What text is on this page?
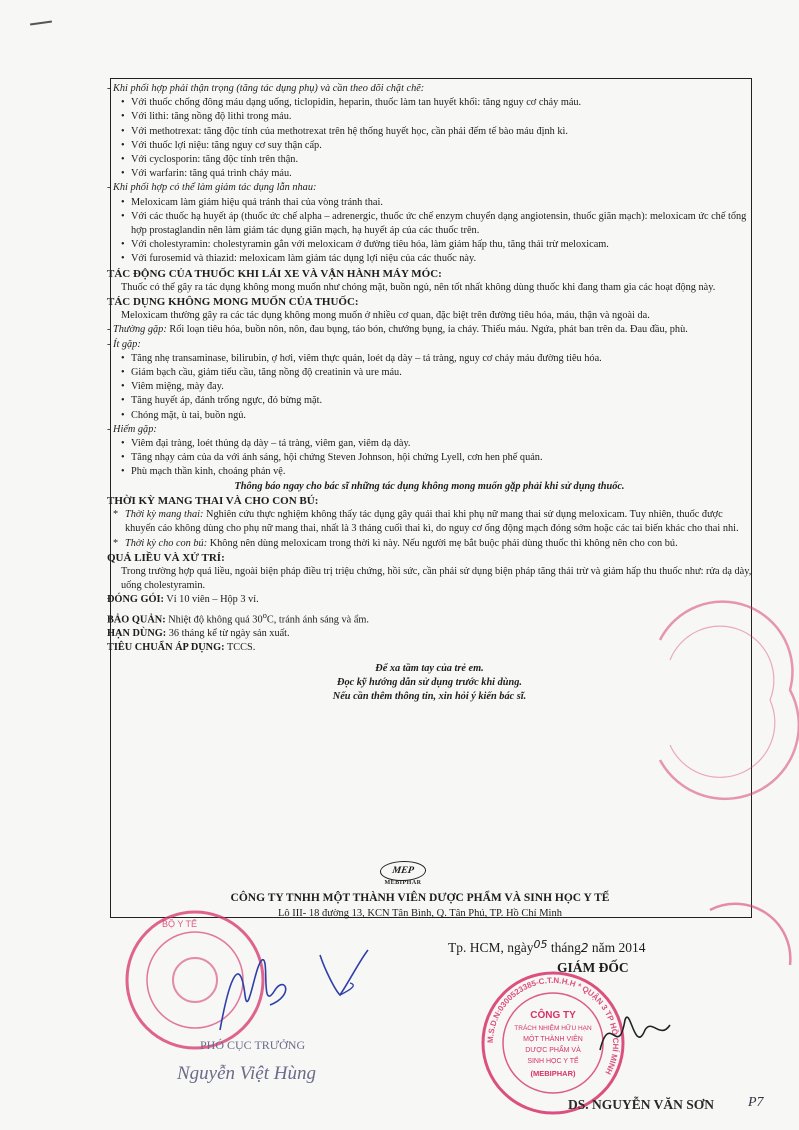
- Khi phối hợp phải thận trọng (tăng tác dụng phụ) và cần theo dõi chặt chẽ:

• Với thuốc chống đông máu dạng uống, ticlopidin, heparin, thuốc làm tan huyết khối: tăng nguy cơ chảy máu.

• Với lithi: tăng nồng độ lithi trong máu.

• Với methotrexat: tăng độc tính của methotrexat trên hệ thống huyết học, cần phải đếm tế bào máu định kì.

• Với thuốc lợi niệu: tăng nguy cơ suy thận cấp.

• Với cyclosporin: tăng độc tính trên thận.

• Với warfarin: tăng quá trình chảy máu.

- Khi phối hợp có thể làm giảm tác dụng lẫn nhau:

• Meloxicam làm giảm hiệu quả tránh thai của vòng tránh thai.

• Với các thuốc hạ huyết áp (thuốc ức chế alpha – adrenergic, thuốc ức chế enzym chuyển dạng angiotensin, thuốc giãn mạch): meloxicam ức chế tổng hợp prostaglandin nên làm giảm tác dụng giãn mạch, hạ huyết áp của các thuốc trên.

• Với cholestyramin: cholestyramin gắn với meloxicam ở đường tiêu hóa, làm giảm hấp thu, tăng thải trừ meloxicam.

• Với furosemid và thiazid: meloxicam làm giảm tác dụng lợi niệu của các thuốc này.

TÁC ĐỘNG CỦA THUỐC KHI LÁI XE VÀ VẬN HÀNH MÁY MÓC:

Thuốc có thể gây ra tác dụng không mong muốn như chóng mặt, buồn ngủ, nên tốt nhất không dùng thuốc khi đang tham gia các hoạt động này.

TÁC DỤNG KHÔNG MONG MUỐN CỦA THUỐC:

Meloxicam thường gây ra các tác dụng không mong muốn ở nhiều cơ quan, đặc biệt trên đường tiêu hóa, máu, thận và ngoài da.

- Thường gặp: Rối loạn tiêu hóa, buồn nôn, nôn, đau bụng, táo bón, chướng bụng, ỉa chảy. Thiếu máu. Ngứa, phát ban trên da. Đau đầu, phù.

- Ít gặp:

• Tăng nhẹ transaminase, bilirubin, ợ hơi, viêm thực quản, loét dạ dày – tá tràng, nguy cơ chảy máu đường tiêu hóa.

• Giảm bạch cầu, giảm tiểu cầu, tăng nồng độ creatinin và ure máu.

• Viêm miệng, mày đay.

• Tăng huyết áp, đánh trống ngực, đỏ bừng mặt.

• Chóng mặt, ù tai, buồn ngủ.

- Hiếm gặp:

• Viêm đại tràng, loét thủng dạ dày – tá tràng, viêm gan, viêm dạ dày.

• Tăng nhạy cảm của da với ánh sáng, hội chứng Steven Johnson, hội chứng Lyell, cơn hen phế quản.

• Phù mạch thần kinh, choáng phản vệ.

Thông báo ngay cho bác sĩ những tác dụng không mong muốn gặp phải khi sử dụng thuốc.

THỜI KỲ MANG THAI VÀ CHO CON BÚ:

* Thời kỳ mang thai: Nghiên cứu thực nghiệm không thấy tác dụng gây quái thai khi phụ nữ mang thai sử dụng meloxicam. Tuy nhiên, thuốc được khuyến cáo không dùng cho phụ nữ mang thai, nhất là 3 tháng cuối thai kì, do nguy cơ ống động mạch đóng sớm hoặc các tai biến khác cho thai nhi.

* Thời kỳ cho con bú: Không nên dùng meloxicam trong thời kì này. Nếu người mẹ bắt buộc phải dùng thuốc thì không nên cho con bú.

QUÁ LIỀU VÀ XỬ TRÍ:

Trong trường hợp quá liều, ngoài biện pháp điều trị triệu chứng, hồi sức, cần phải sử dụng biện pháp tăng thải trừ và giảm hấp thu thuốc như: rửa dạ dày, uống cholestyramin.

ĐÓNG GÓI: Vỉ 10 viên – Hộp 3 vỉ.

BẢO QUẢN: Nhiệt độ không quá 30$^o$C, tránh ánh sáng và ẩm.

HẠN DÙNG: 36 tháng kể từ ngày sản xuất.

TIÊU CHUẨN ÁP DỤNG: TCCS.

Để xa tầm tay của trẻ em.

Đọc kỹ hướng dẫn sử dụng trước khi dùng.

Nếu cần thêm thông tin, xin hỏi ý kiến bác sĩ.

MEP
MEBIPHAR
CÔNG TY TNHH MỘT THÀNH VIÊN DƯỢC PHẨM VÀ SINH HỌC Y TẾ
Lô III- 18 đường 13, KCN Tân Bình, Q. Tân Phú, TP. Hồ Chí Minh
Tp. HCM, ngày$^{05}$ tháng2 năm 2014
GIÁM ĐỐC
BỘ Y TẾ
PHÓ CỤC TRƯỞNG
Nguyễn Việt Hùng
M.S.D.N:0300523385-C.T.N.H.H * QUẬN 3 TP HỒ CHÍ MINH
CÔNG TY
TRÁCH NHIỆM HỮU HẠN
MỘT THÀNH VIÊN
DƯỢC PHẨM VÀ
SINH HỌC Y TẾ
(MEBIPHAR)
DS. NGUYỄN VĂN SƠN P7
